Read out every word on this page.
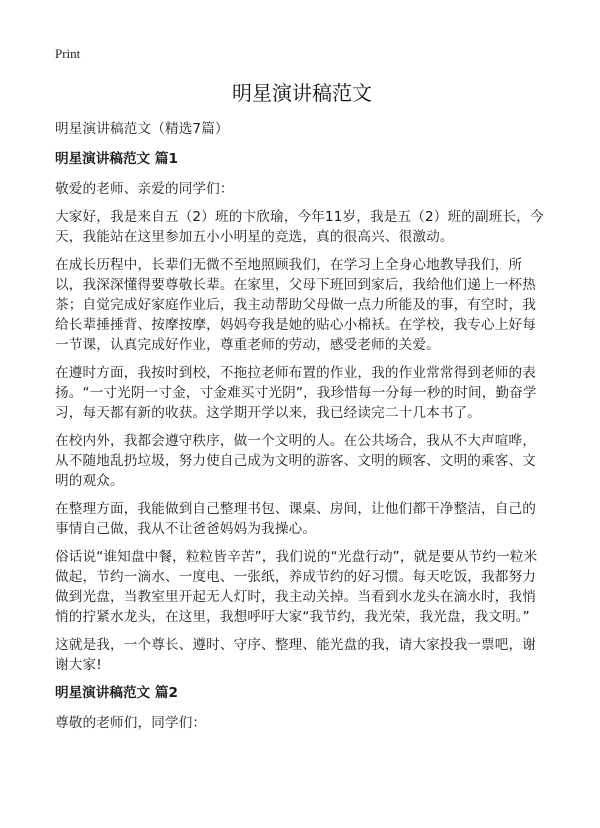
Print
明星演讲稿范文

明星演讲稿范文（精选7篇）

明星演讲稿范文 篇1

敬爱的老师、亲爱的同学们：

大家好，我是来自五（2）班的卞欣瑜，今年11岁，我是五（2）班的副班长，今天，我能站在这里参加五小小明星的竞选，真的很高兴、很激动。

在成长历程中，长辈们无微不至地照顾我们，在学习上全身心地教导我们，所以，我深深懂得要尊敬长辈。在家里，父母下班回到家后，我给他们递上一杯热茶；自觉完成好家庭作业后，我主动帮助父母做一点力所能及的事，有空时，我给长辈捶捶背、按摩按摩，妈妈夸我是她的贴心小棉袄。在学校，我专心上好每一节课，认真完成好作业，尊重老师的劳动，感受老师的关爱。

在遵时方面，我按时到校，不拖拉老师布置的作业，我的作业常常得到老师的表扬。“一寸光阴一寸金，寸金难买寸光阴”，我珍惜每一分每一秒的时间，勤奋学习，每天都有新的收获。这学期开学以来，我已经读完二十几本书了。

在校内外，我都会遵守秩序，做一个文明的人。在公共场合，我从不大声喧哗，从不随地乱扔垃圾，努力使自己成为文明的游客、文明的顾客、文明的乘客、文明的观众。

在整理方面，我能做到自己整理书包、课桌、房间，让他们都干净整洁，自己的事情自己做，我从不让爸爸妈妈为我操心。

俗话说“谁知盘中餐，粒粒皆辛苦”，我们说的“光盘行动”，就是要从节约一粒米做起，节约一滴水、一度电、一张纸，养成节约的好习惯。每天吃饭，我都努力做到光盘，当教室里开起无人灯时，我主动关掉。当看到水龙头在滴水时，我悄悄的拧紧水龙头，在这里，我想呼吁大家“我节约，我光荣，我光盘，我文明。”

这就是我，一个尊长、遵时、守序、整理、能光盘的我，请大家投我一票吧，谢谢大家!

明星演讲稿范文 篇2

尊敬的老师们，同学们：
